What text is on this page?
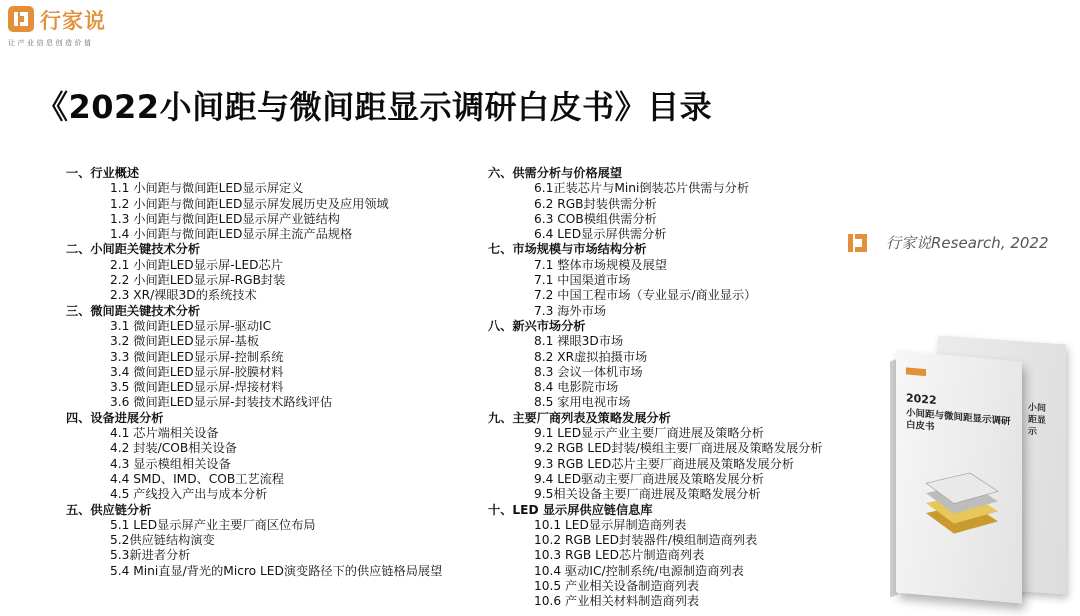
行家说
让产业信息创造价值
《2022小间距与微间距显示调研白皮书》目录
一、行业概述
1.1 小间距与微间距LED显示屏定义
1.2 小间距与微间距LED显示屏发展历史及应用领域
1.3 小间距与微间距LED显示屏产业链结构
1.4 小间距与微间距LED显示屏主流产品规格
二、小间距关键技术分析
2.1 小间距LED显示屏-LED芯片
2.2 小间距LED显示屏-RGB封装
2.3 XR/裸眼3D的系统技术
三、微间距关键技术分析
3.1 微间距LED显示屏-驱动IC
3.2 微间距LED显示屏-基板
3.3 微间距LED显示屏-控制系统
3.4 微间距LED显示屏-胶膜材料
3.5 微间距LED显示屏-焊接材料
3.6 微间距LED显示屏-封装技术路线评估
四、设备进展分析
4.1 芯片端相关设备
4.2 封装/COB相关设备
4.3 显示模组相关设备
4.4 SMD、IMD、COB工艺流程
4.5 产线投入产出与成本分析
五、供应链分析
5.1 LED显示屏产业主要厂商区位布局
5.2供应链结构演变
5.3新进者分析
5.4 Mini直显/背光的Micro LED演变路径下的供应链格局展望
六、供需分析与价格展望
6.1正装芯片与Mini倒装芯片供需与分析
6.2 RGB封装供需分析
6.3 COB模组供需分析
6.4 LED显示屏供需分析
七、市场规模与市场结构分析
7.1 整体市场规模及展望
7.1 中国渠道市场
7.2 中国工程市场（专业显示/商业显示）
7.3 海外市场
八、新兴市场分析
8.1 裸眼3D市场
8.2 XR虚拟拍摄市场
8.3 会议一体机市场
8.4 电影院市场
8.5 家用电视市场
九、主要厂商列表及策略发展分析
9.1 LED显示产业主要厂商进展及策略分析
9.2 RGB LED封装/模组主要厂商进展及策略发展分析
9.3 RGB LED芯片主要厂商进展及策略发展分析
9.4 LED驱动主要厂商进展及策略发展分析
9.5相关设备主要厂商进展及策略发展分析
十、LED 显示屏供应链信息库
10.1 LED显示屏制造商列表
10.2 RGB LED封装器件/模组制造商列表
10.3 RGB LED芯片制造商列表
10.4 驱动IC/控制系统/电源制造商列表
10.5 产业相关设备制造商列表
10.6 产业相关材料制造商列表
行家说Research, 2022
小间距显示
2022
小间距与微间距显示调研白皮书
